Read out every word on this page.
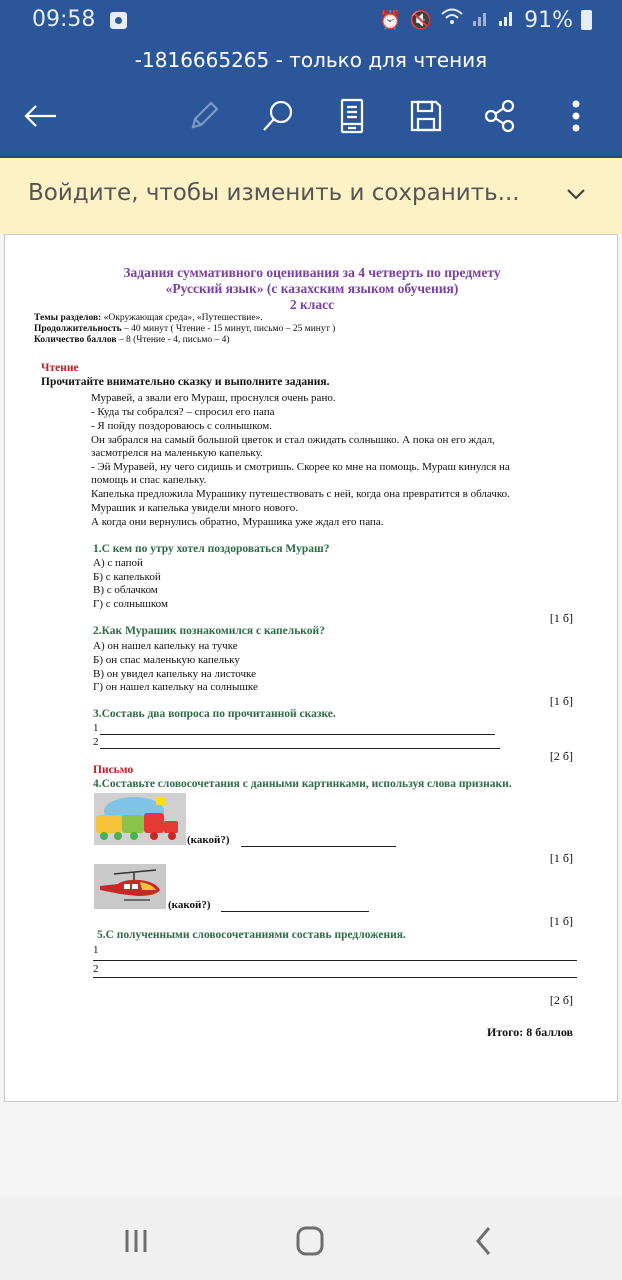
09:58	⏰ 🔇	91%
-1816665265 - только для чтения
Войдите, чтобы изменить и сохранить...
Задания суммативного оценивания за 4 четверть по предмету
«Русский язык» (с казахским языком обучения)
2 класс
Темы разделов: «Окружающая среда», «Путешествие».
Продолжительность – 40 минут ( Чтение - 15 минут, письмо – 25 минут )
Количество баллов – 8 (Чтение - 4, письмо – 4)
Чтение
Прочитайте внимательно сказку и выполните задания.
Муравей, а звали его Мураш, проснулся очень рано.
- Куда ты собрался? – спросил его папа
- Я пойду поздороваюсь с солнышком.
Он забрался на самый большой цветок и стал ожидать солнышко. А пока он его ждал,
засмотрелся на маленькую капельку.
- Эй Муравей, ну чего сидишь и смотришь. Скорее ко мне на помощь. Мураш кинулся на
помощь и спас капельку.
Капелька предложила Мурашику путешествовать с ней, когда она превратится в облачко.
Мурашик и капелька увидели много нового.
А когда они вернулись обратно, Мурашика уже ждал его папа.
1.С кем по утру хотел поздороваться Мураш?
А) с папой
Б) с капелькой
В) с облачком
Г) с солнышком
[1 б]
2.Как Мурашик познакомился с капелькой?
А) он нашел капельку на тучке
Б) он спас маленькую капельку
В) он увидел капельку на листочке
Г) он нашел капельку на солнышке
[1 б]
3.Составь два вопроса по прочитанной сказке.
1
2
[2 б]
Письмо
4.Составьте словосочетания с данными картинками, используя слова признаки.
(какой?)
[1 б]
(какой?)
[1 б]
5.С полученными словосочетаниями составь предложения.
1
2
[2 б]
Итого: 8 баллов
